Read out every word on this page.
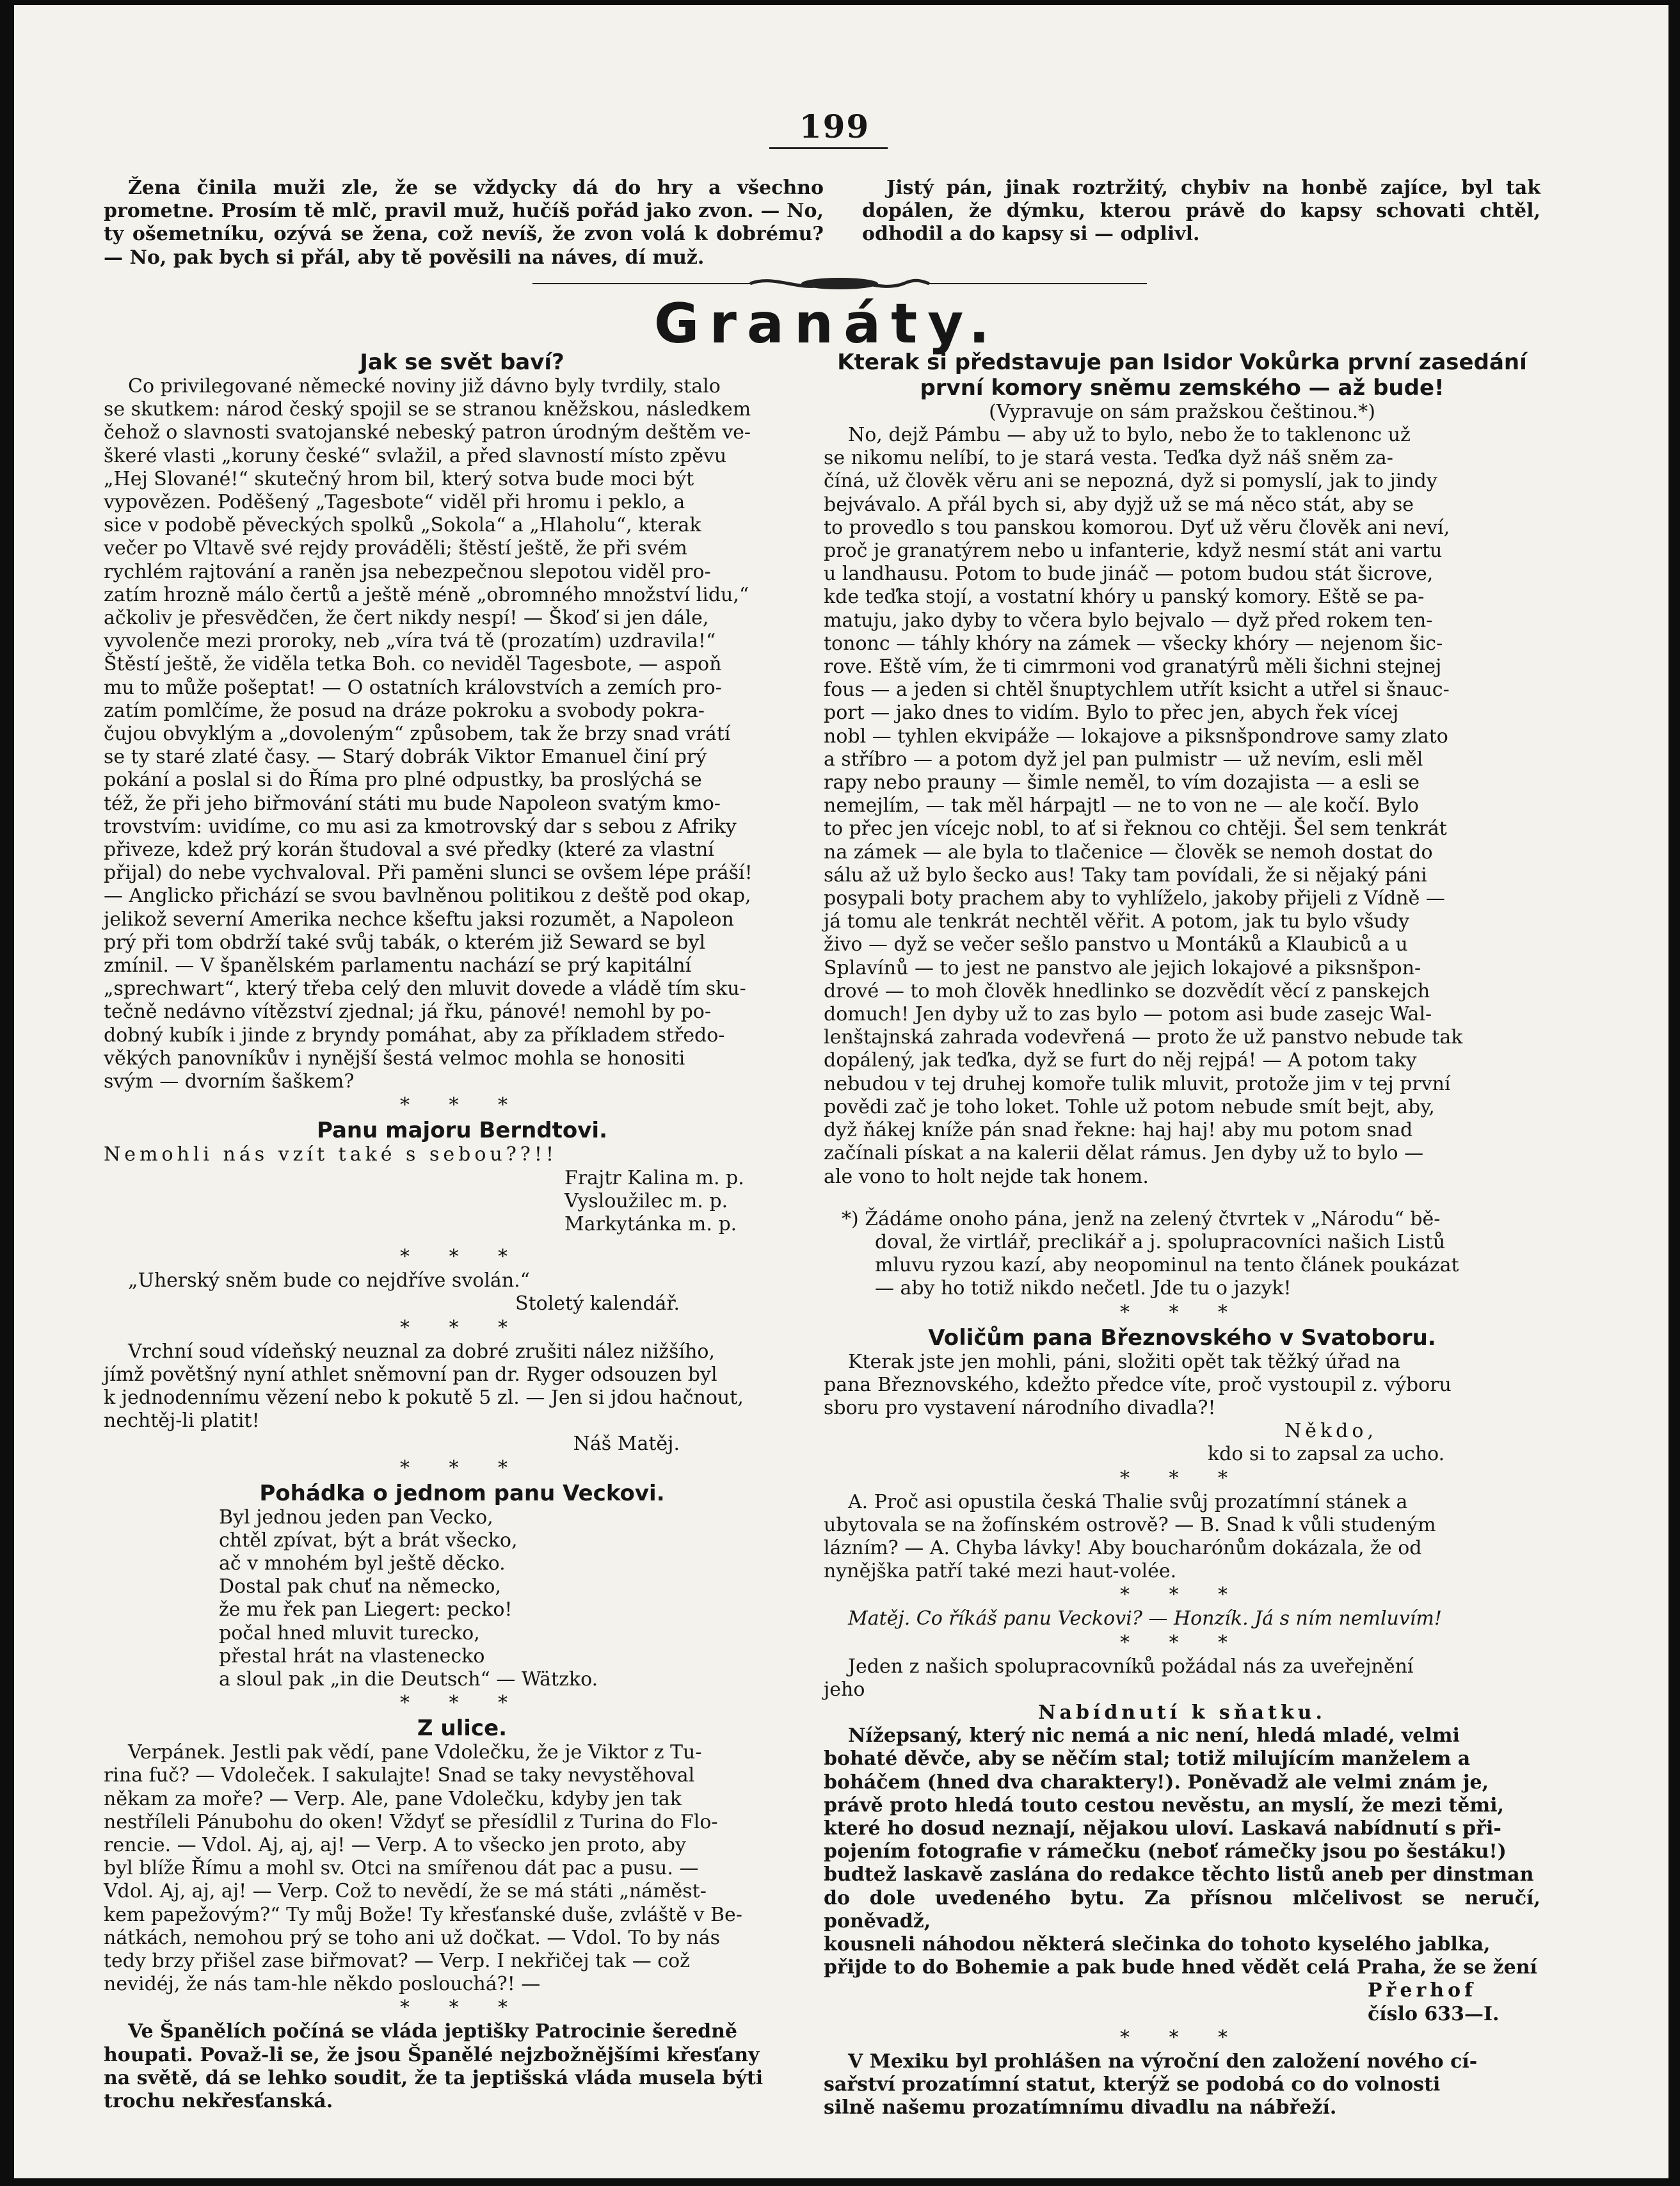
199

Žena činila muži zle, že se vždycky dá do hry a všechno prometne. Prosím tě mlč, pravil muž, hučíš pořád jako zvon. — No, ty ošemetníku, ozývá se žena, což nevíš, že zvon volá k dobrému? — No, pak bych si přál, aby tě pověsili na náves, dí muž.

Jistý pán, jinak roztržitý, chybiv na honbě zajíce, byl tak dopálen, že dýmku, kterou právě do kapsy schovati chtěl, odhodil a do kapsy si — odplivl.

Granáty.
Jak se svět baví?
Co privilegované německé noviny již dávno byly tvrdily, stalo
se skutkem: národ český spojil se se stranou kněžskou, následkem
čehož o slavnosti svatojanské nebeský patron úrodným deštěm ve-
škeré vlasti „koruny české“ svlažil, a před slavností místo zpěvu
„Hej Slované!“ skutečný hrom bil, který sotva bude moci být
vypovězen. Poděšený „Tagesbote“ viděl při hromu i peklo, a
sice v podobě pěveckých spolků „Sokola“ a „Hlaholu“, kterak
večer po Vltavě své rejdy prováděli; štěstí ještě, že při svém
rychlém rajtování a raněn jsa nebezpečnou slepotou viděl pro-
zatím hrozně málo čertů a ještě méně „obromného množství lidu,“
ačkoliv je přesvědčen, že čert nikdy nespí! — Škoď si jen dále,
vyvolenče mezi proroky, neb „víra tvá tě (prozatím) uzdravila!“
Štěstí ještě, že viděla tetka Boh. co neviděl Tagesbote, — aspoň
mu to může pošeptat! — O ostatních královstvích a zemích pro-
zatím pomlčíme, že posud na dráze pokroku a svobody pokra-
čujou obvyklým a „dovoleným“ způsobem, tak že brzy snad vrátí
se ty staré zlaté časy. — Starý dobrák Viktor Emanuel činí prý
pokání a poslal si do Říma pro plné odpustky, ba proslýchá se
též, že při jeho biřmování státi mu bude Napoleon svatým kmo-
trovstvím: uvidíme, co mu asi za kmotrovský dar s sebou z Afriky
přiveze, kdež prý korán študoval a své předky (které za vlastní
přijal) do nebe vychvaloval. Při paměni slunci se ovšem lépe práší!
— Anglicko přichází se svou bavlněnou politikou z deště pod okap,
jelikož severní Amerika nechce kšeftu jaksi rozumět, a Napoleon
prý při tom obdrží také svůj tabák, o kterém již Seward se byl
zmínil. — V španělském parlamentu nachází se prý kapitální
„sprechwart“, který třeba celý den mluvit dovede a vládě tím sku-
tečně nedávno vítězství zjednal; já řku, pánové! nemohl by po-
dobný kubík i jinde z bryndy pomáhat, aby za příkladem středo-
věkých panovníkův i nynější šestá velmoc mohla se honositi
svým — dvorním šaškem?
* * *
Panu majoru Berndtovi.
Nemohli nás vzít také s sebou??!!
Frajtr Kalina m. p.
Vysloužilec m. p.
Markytánka m. p.
* * *
„Uherský sněm bude co nejdříve svolán.“
Stoletý kalendář.
* * *
Vrchní soud vídeňský neuznal za dobré zrušiti nález nižšího,
jímž povětšný nyní athlet sněmovní pan dr. Ryger odsouzen byl
k jednodennímu vězení nebo k pokutě 5 zl. — Jen si jdou hačnout,
nechtěj-li platit!
Náš Matěj.
* * *
Pohádka o jednom panu Veckovi.
Byl jednou jeden pan Vecko,
chtěl zpívat, být a brát všecko,
ač v mnohém byl ještě děcko.
Dostal pak chuť na německo,
že mu řek pan Liegert: pecko!
počal hned mluvit turecko,
přestal hrát na vlastenecko
a sloul pak „in die Deutsch“ — Wätzko.
* * *
Z ulice.
Verpánek. Jestli pak vědí, pane Vdolečku, že je Viktor z Tu-
rina fuč? — Vdoleček. I sakulajte! Snad se taky nevystěhoval
někam za moře? — Verp. Ale, pane Vdolečku, kdyby jen tak
nestříleli Pánubohu do oken! Vždyť se přesídlil z Turina do Flo-
rencie. — Vdol. Aj, aj, aj! — Verp. A to všecko jen proto, aby
byl blíže Římu a mohl sv. Otci na smířenou dát pac a pusu. —
Vdol. Aj, aj, aj! — Verp. Což to nevědí, že se má státi „náměst-
kem papežovým?“ Ty můj Bože! Ty křesťanské duše, zvláště v Be-
nátkách, nemohou prý se toho ani už dočkat. — Vdol. To by nás
tedy brzy přišel zase biřmovat? — Verp. I nekřičej tak — což
nevidéj, že nás tam-hle někdo poslouchá?! —
* * *
Ve Španělích počíná se vláda jeptišky Patrocinie šeredně
houpati. Považ-li se, že jsou Španělé nejzbožnějšími křesťany
na světě, dá se lehko soudit, že ta jeptišská vláda musela býti
trochu nekřesťanská.
Kterak si představuje pan Isidor Vokůrka první zasedání první komory sněmu zemského — až bude!
(Vypravuje on sám pražskou češtinou.*)
No, dejž Pámbu — aby už to bylo, nebo že to taklenonc už
se nikomu nelíbí, to je stará vesta. Teďka dyž náš sněm za-
číná, už člověk věru ani se nepozná, dyž si pomyslí, jak to jindy
bejvávalo. A přál bych si, aby dyjž už se má něco stát, aby se
to provedlo s tou panskou komorou. Dyť už věru člověk ani neví,
proč je granatýrem nebo u infanterie, když nesmí stát ani vartu
u landhausu. Potom to bude jináč — potom budou stát šicrove,
kde teďka stojí, a vostatní khóry u panský komory. Eště se pa-
matuju, jako dyby to včera bylo bejvalo — dyž před rokem ten-
tononc — táhly khóry na zámek — všecky khóry — nejenom šic-
rove. Eště vím, že ti cimrmoni vod granatýrů měli šichni stejnej
fous — a jeden si chtěl šnuptychlem utřít ksicht a utřel si šnauc-
port — jako dnes to vidím. Bylo to přec jen, abych řek vícej
nobl — tyhlen ekvipáže — lokajove a piksnšpondrove samy zlato
a stříbro — a potom dyž jel pan pulmistr — už nevím, esli měl
rapy nebo prauny — šimle neměl, to vím dozajista — a esli se
nemejlím, — tak měl hárpajtl — ne to von ne — ale kočí. Bylo
to přec jen vícejc nobl, to ať si řeknou co chtěji. Šel sem tenkrát
na zámek — ale byla to tlačenice — člověk se nemoh dostat do
sálu až už bylo šecko aus! Taky tam povídali, že si nějaký páni
posypali boty prachem aby to vyhlíželo, jakoby přijeli z Vídně —
já tomu ale tenkrát nechtěl věřit. A potom, jak tu bylo všudy
živo — dyž se večer sešlo panstvo u Montáků a Klaubiců a u
Splavínů — to jest ne panstvo ale jejich lokajové a piksnšpon-
drové — to moh člověk hnedlinko se dozvědít věcí z panskejch
domuch! Jen dyby už to zas bylo — potom asi bude zasejc Wal-
lenštajnská zahrada vodevřená — proto že už panstvo nebude tak
dopálený, jak teďka, dyž se furt do něj rejpá! — A potom taky
nebudou v tej druhej komoře tulik mluvit, protože jim v tej první
povědi zač je toho loket. Tohle už potom nebude smít bejt, aby,
dyž ňákej kníže pán snad řekne: haj haj! aby mu potom snad
začínali pískat a na kalerii dělat rámus. Jen dyby už to bylo —
ale vono to holt nejde tak honem.
*) Žádáme onoho pána, jenž na zelený čtvrtek v „Národu“ bě-
doval, že virtlář, preclikář a j. spolupracovníci našich Listů
mluvu ryzou kazí, aby neopominul na tento článek poukázat
— aby ho totiž nikdo nečetl. Jde tu o jazyk!
* * *
Voličům pana Březnovského v Svatoboru.
Kterak jste jen mohli, páni, složiti opět tak těžký úřad na
pana Březnovského, kdežto předce víte, proč vystoupil z. výboru
sboru pro vystavení národního divadla?!
Někdo,
kdo si to zapsal za ucho.
* * *
A. Proč asi opustila česká Thalie svůj prozatímní stánek a
ubytovala se na žofínském ostrově? — B. Snad k vůli studeným
lázním? — A. Chyba lávky! Aby boucharónům dokázala, že od
nynějška patří také mezi haut-volée.
* * *
Matěj. Co říkáš panu Veckovi? — Honzík. Já s ním nemluvím!
* * *
Jeden z našich spolupracovníků požádal nás za uveřejnění
jeho
Nabídnutí k sňatku.
Nížepsaný, který nic nemá a nic není, hledá mladé, velmi
bohaté děvče, aby se něčím stal; totiž milujícím manželem a
boháčem (hned dva charaktery!). Poněvadž ale velmi znám je,
právě proto hledá touto cestou nevěstu, an myslí, že mezi těmi,
které ho dosud neznají, nějakou uloví. Laskavá nabídnutí s při-
pojením fotografie v rámečku (neboť rámečky jsou po šestáku!)
budtež laskavě zaslána do redakce těchto listů aneb per dinstman
do dole uvedeného bytu. Za přísnou mlčelivost se neručí, poněvadž,
kousneli náhodou některá slečinka do tohoto kyselého jablka,
přijde to do Bohemie a pak bude hned vědět celá Praha, že se žení
Přerhof
číslo 633—I.
* * *
V Mexiku byl prohlášen na výroční den založení nového cí-
sařství prozatímní statut, kterýž se podobá co do volnosti
silně našemu prozatímnímu divadlu na nábřeží.
